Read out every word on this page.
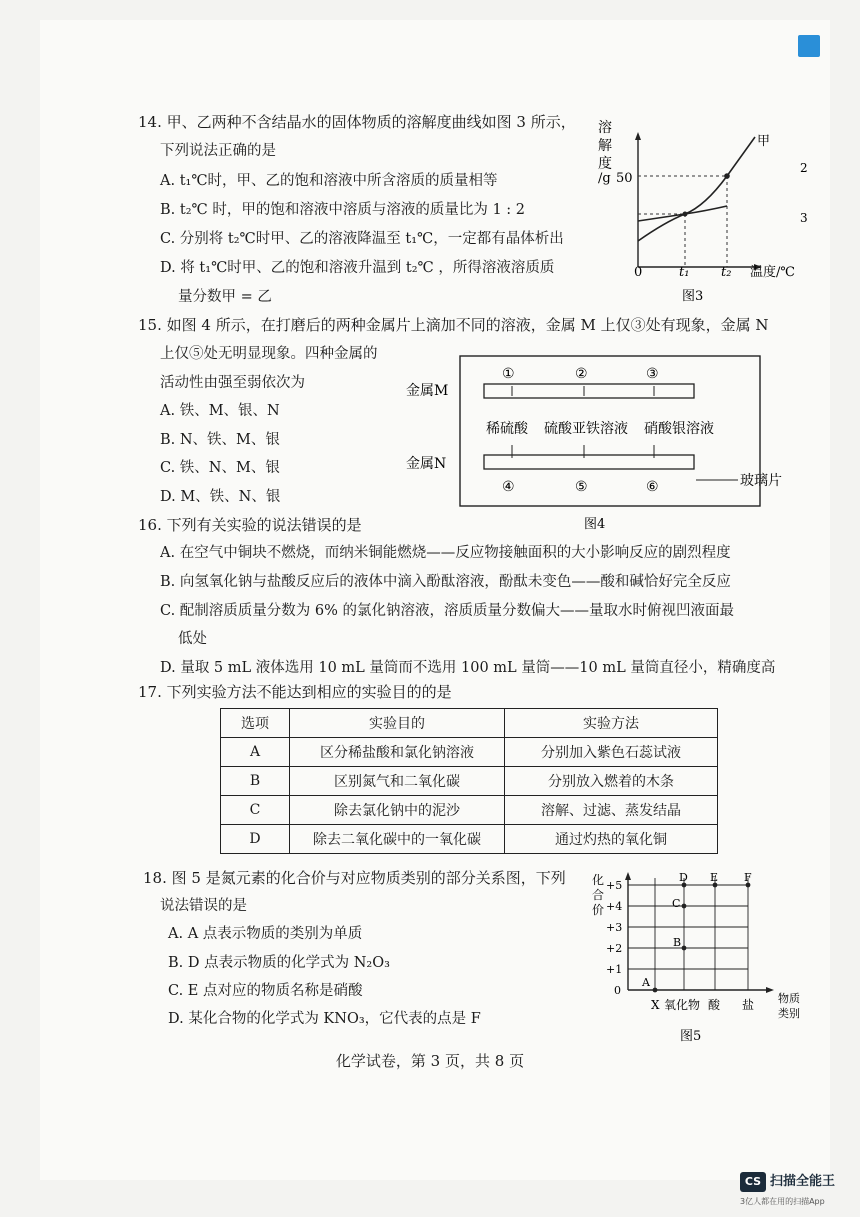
14. 甲、乙两种不含结晶水的固体物质的溶解度曲线如图 3 所示，
下列说法正确的是
A. t₁℃时，甲、乙的饱和溶液中所含溶质的质量相等
B. t₂℃ 时，甲的饱和溶液中溶质与溶液的质量比为 1 : 2
C. 分别将 t₂℃时甲、乙的溶液降温至 t₁℃，一定都有晶体析出
D. 将 t₁℃时甲、乙的饱和溶液升温到 t₂℃ ，所得溶液溶质质
量分数甲 = 乙
溶
解
度
/g 50
0	t₁ t₂ 温度/℃
甲
图3
2
3
15. 如图 4 所示，在打磨后的两种金属片上滴加不同的溶液，金属 M 上仅③处有现象，金属 N
上仅⑤处无明显现象。四种金属的
活动性由强至弱依次为
A. 铁、M、银、N
B. N、铁、M、银
C. 铁、N、M、银
D. M、铁、N、银
①	②	③
④	⑤	⑥
金属M
金属N
稀硫酸 硫酸亚铁溶液 硝酸银溶液
玻璃片
图4
16. 下列有关实验的说法错误的是
A. 在空气中铜块不燃烧，而纳米铜能燃烧——反应物接触面积的大小影响反应的剧烈程度
B. 向氢氧化钠与盐酸反应后的液体中滴入酚酞溶液，酚酞未变色——酸和碱恰好完全反应
C. 配制溶质质量分数为 6% 的氯化钠溶液，溶质质量分数偏大——量取水时俯视凹液面最
低处
D. 量取 5 mL 液体选用 10 mL 量筒而不选用 100 mL 量筒——10 mL 量筒直径小，精确度高
17. 下列实验方法不能达到相应的实验目的的是
选项	实验目的	实验方法
A	区分稀盐酸和氯化钠溶液	分别加入紫色石蕊试液
B	区别氮气和二氧化碳	分别放入燃着的木条
C	除去氯化钠中的泥沙	溶解、过滤、蒸发结晶
D	除去二氧化碳中的一氧化碳	通过灼热的氧化铜
18. 图 5 是氮元素的化合价与对应物质类别的部分关系图，下列
说法错误的是
A. A 点表示物质的类别为单质
B. D 点表示物质的化学式为 N₂O₃
C. E 点对应的物质名称是硝酸
D. 某化合物的化学式为 KNO₃，它代表的点是 F
化
合
价
+5
+4
+3
+2
+1
0
X 氧化物 酸 盐 物质
类别
A
B
C
D E F
图5
化学试卷，第 3 页，共 8 页
CS 扫描全能王
3亿人都在用的扫描App
